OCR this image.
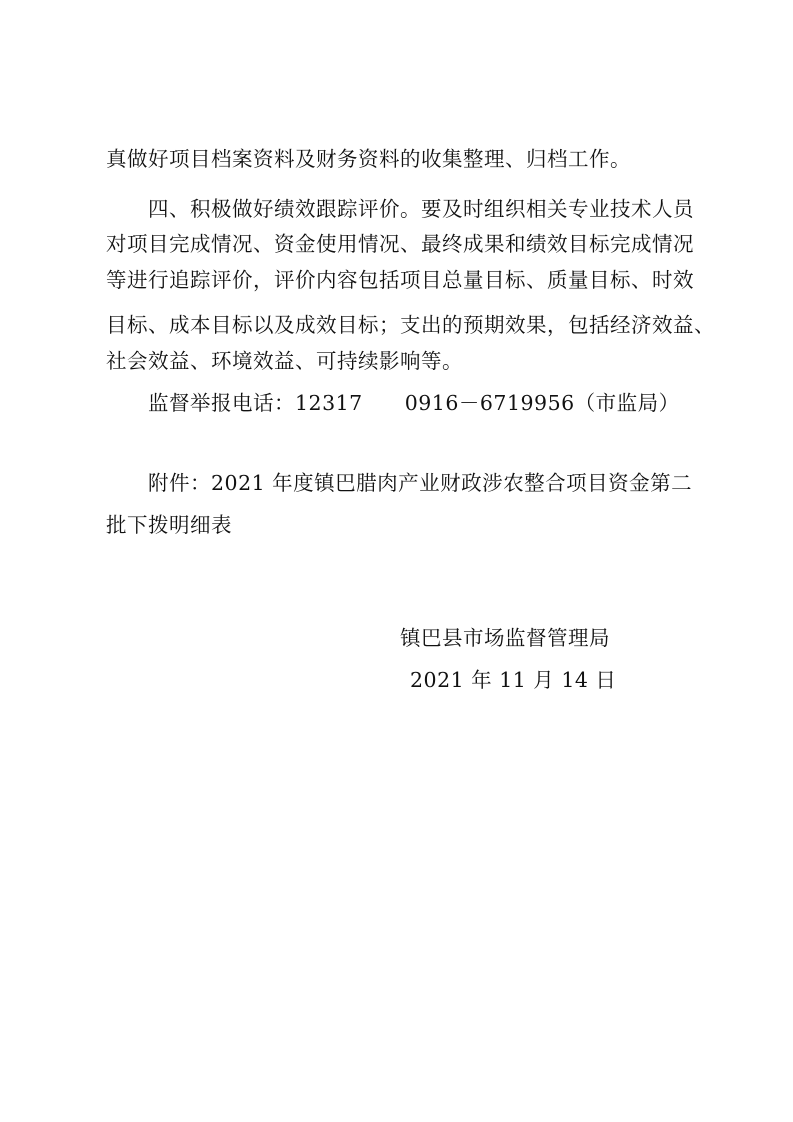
真做好项目档案资料及财务资料的收集整理、归档工作。
四、积极做好绩效跟踪评价。要及时组织相关专业技术人员
对项目完成情况、资金使用情况、最终成果和绩效目标完成情况
等进行追踪评价，评价内容包括项目总量目标、质量目标、时效
目标、成本目标以及成效目标；支出的预期效果，包括经济效益、
社会效益、环境效益、可持续影响等。
监督举报电话：12317　　0916－6719956（市监局）
附件：2021 年度镇巴腊肉产业财政涉农整合项目资金第二
批下拨明细表
镇巴县市场监督管理局
2021 年 11 月 14 日
